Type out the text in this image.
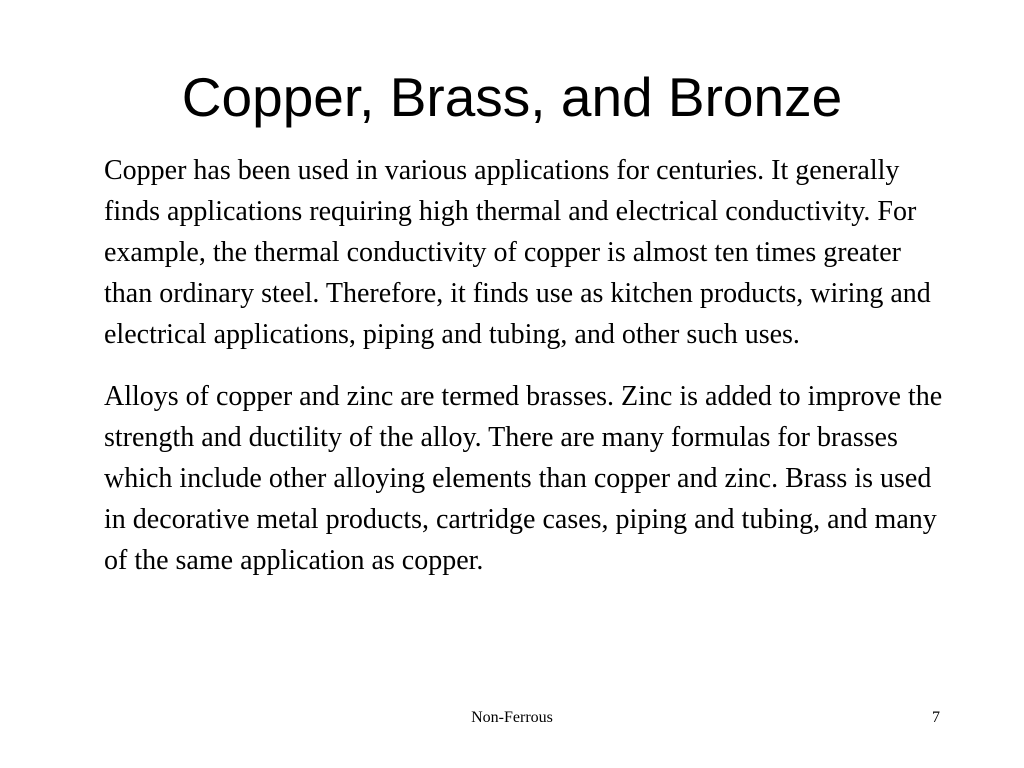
Copper, Brass, and Bronze

Copper has been used in various applications for centuries. It generally finds applications requiring high thermal and electrical conductivity. For example, the thermal conductivity of copper is almost ten times greater than ordinary steel. Therefore, it finds use as kitchen products, wiring and electrical applications, piping and tubing, and other such uses.

Alloys of copper and zinc are termed brasses. Zinc is added to improve the strength and ductility of the alloy. There are many formulas for brasses which include other alloying elements than copper and zinc. Brass is used in decorative metal products, cartridge cases, piping and tubing, and many of the same application as copper.

Non-Ferrous	7
